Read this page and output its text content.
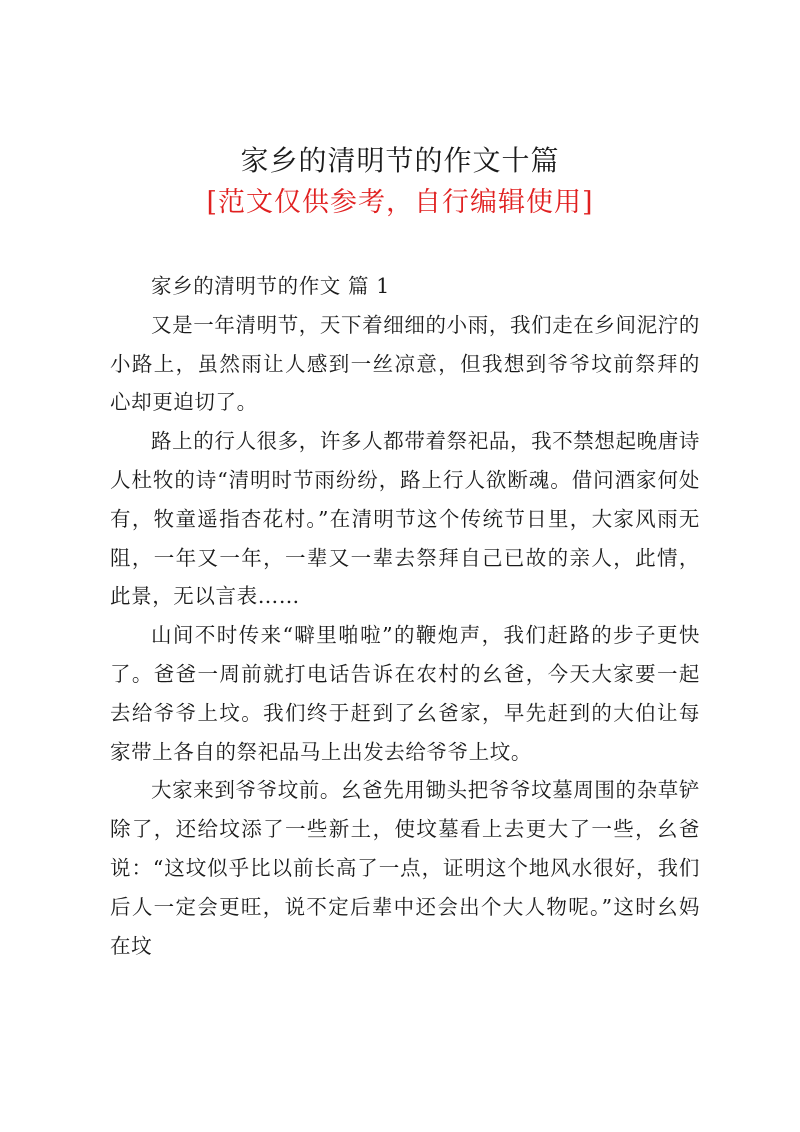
家乡的清明节的作文十篇
[范文仅供参考，自行编辑使用]

家乡的清明节的作文 篇 1

又是一年清明节，天下着细细的小雨，我们走在乡间泥泞的小路上，虽然雨让人感到一丝凉意，但我想到爷爷坟前祭拜的心却更迫切了。

路上的行人很多，许多人都带着祭祀品，我不禁想起晚唐诗人杜牧的诗“清明时节雨纷纷，路上行人欲断魂。借问酒家何处有，牧童遥指杏花村。”在清明节这个传统节日里，大家风雨无阻，一年又一年，一辈又一辈去祭拜自己已故的亲人，此情，此景，无以言表……

山间不时传来“噼里啪啦”的鞭炮声，我们赶路的步子更快了。爸爸一周前就打电话告诉在农村的幺爸，今天大家要一起去给爷爷上坟。我们终于赶到了幺爸家，早先赶到的大伯让每家带上各自的祭祀品马上出发去给爷爷上坟。

大家来到爷爷坟前。幺爸先用锄头把爷爷坟墓周围的杂草铲除了，还给坟添了一些新土，使坟墓看上去更大了一些，幺爸说：“这坟似乎比以前长高了一点，证明这个地风水很好，我们后人一定会更旺，说不定后辈中还会出个大人物呢。”这时幺妈在坟
